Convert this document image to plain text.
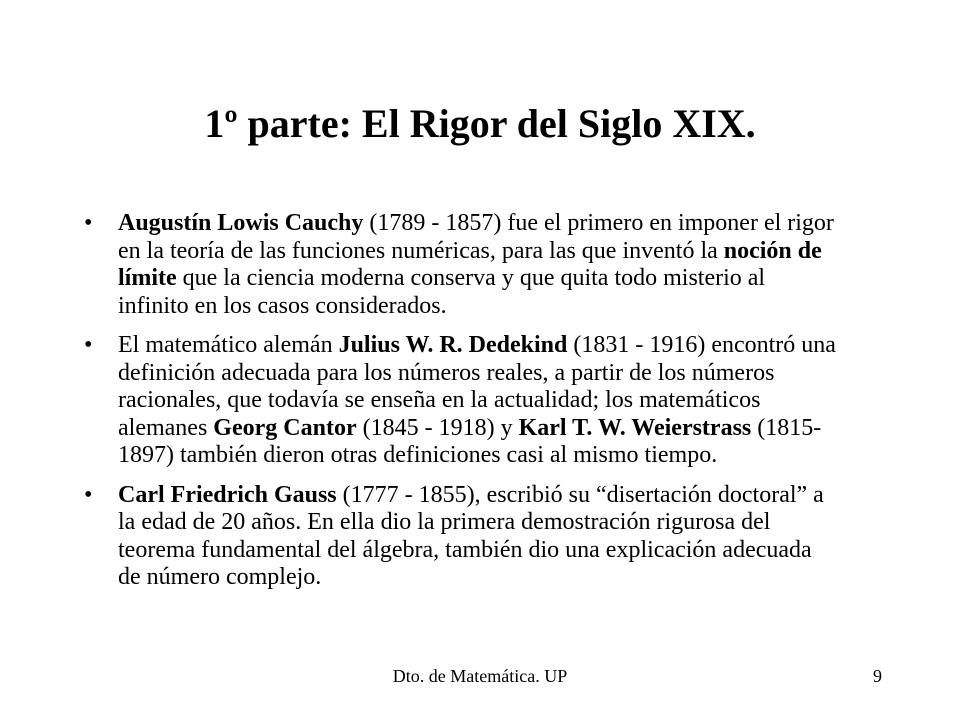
1º parte: El Rigor del Siglo XIX.
• Augustín Lowis Cauchy (1789 - 1857) fue el primero en imponer el rigor en la teoría de las funciones numéricas, para las que inventó la noción de límite que la ciencia moderna conserva y que quita todo misterio al infinito en los casos considerados.
• El matemático alemán Julius W. R. Dedekind (1831 - 1916) encontró una definición adecuada para los números reales, a partir de los números racionales, que todavía se enseña en la actualidad; los matemáticos alemanes Georg Cantor (1845 - 1918) y Karl T. W. Weierstrass (1815-1897) también dieron otras definiciones casi al mismo tiempo.
• Carl Friedrich Gauss (1777 - 1855), escribió su “disertación doctoral” a la edad de 20 años. En ella dio la primera demostración rigurosa del teorema fundamental del álgebra, también dio una explicación adecuada de número complejo.
Dto. de Matemática. UP	9
